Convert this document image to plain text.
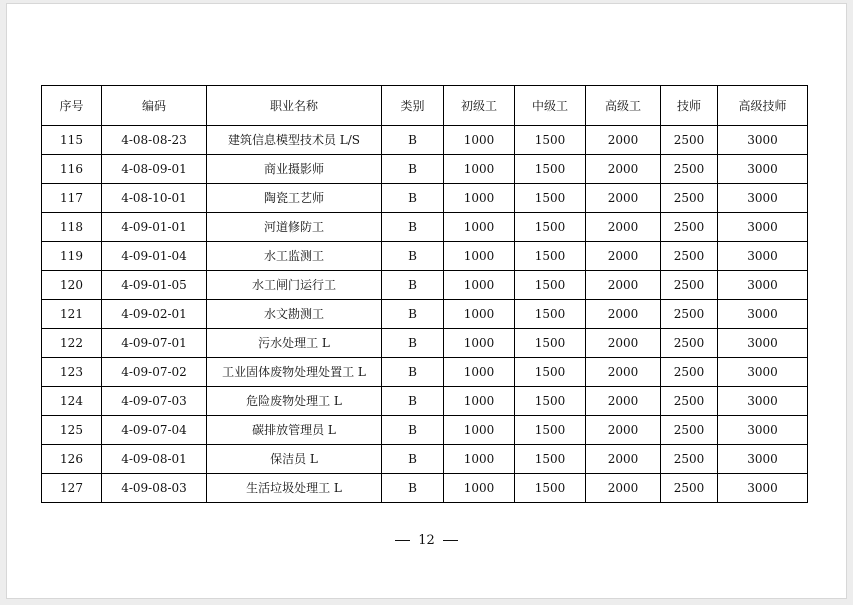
序号	编码	职业名称	类别	初级工	中级工	高级工	技师	高级技师
115	4-08-08-23	建筑信息模型技术员 L/S	B	1000	1500	2000	2500	3000
116	4-08-09-01	商业摄影师	B	1000	1500	2000	2500	3000
117	4-08-10-01	陶瓷工艺师	B	1000	1500	2000	2500	3000
118	4-09-01-01	河道修防工	B	1000	1500	2000	2500	3000
119	4-09-01-04	水工监测工	B	1000	1500	2000	2500	3000
120	4-09-01-05	水工闸门运行工	B	1000	1500	2000	2500	3000
121	4-09-02-01	水文勘测工	B	1000	1500	2000	2500	3000
122	4-09-07-01	污水处理工 L	B	1000	1500	2000	2500	3000
123	4-09-07-02	工业固体废物处理处置工 L	B	1000	1500	2000	2500	3000
124	4-09-07-03	危险废物处理工 L	B	1000	1500	2000	2500	3000
125	4-09-07-04	碳排放管理员 L	B	1000	1500	2000	2500	3000
126	4-09-08-01	保洁员 L	B	1000	1500	2000	2500	3000
127	4-09-08-03	生活垃圾处理工 L	B	1000	1500	2000	2500	3000
12
